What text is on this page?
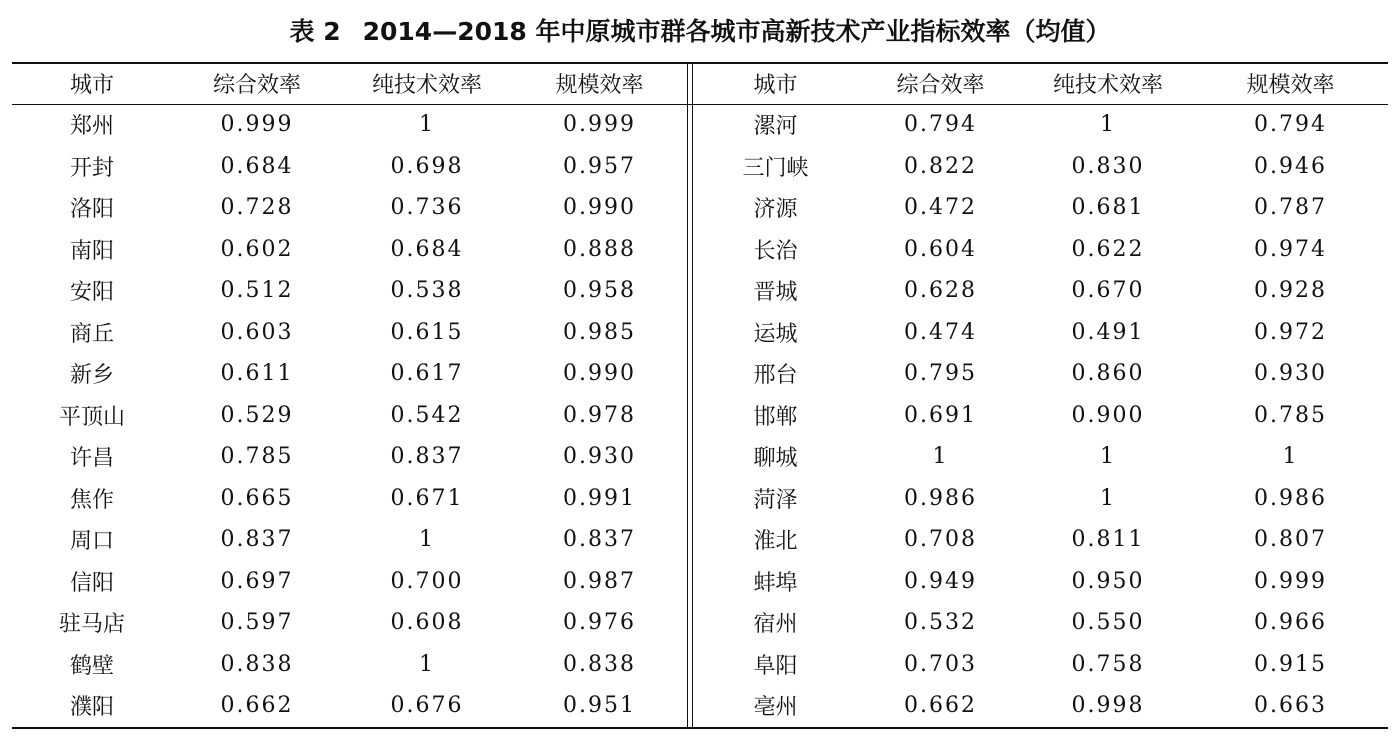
表 2 2014—2018 年中原城市群各城市高新技术产业指标效率（均值）
城市	综合效率	纯技术效率	规模效率
郑州	0.999	1	0.999
开封	0.684	0.698	0.957
洛阳	0.728	0.736	0.990
南阳	0.602	0.684	0.888
安阳	0.512	0.538	0.958
商丘	0.603	0.615	0.985
新乡	0.611	0.617	0.990
平顶山	0.529	0.542	0.978
许昌	0.785	0.837	0.930
焦作	0.665	0.671	0.991
周口	0.837	1	0.837
信阳	0.697	0.700	0.987
驻马店	0.597	0.608	0.976
鹤壁	0.838	1	0.838
濮阳	0.662	0.676	0.951
城市	综合效率	纯技术效率	规模效率
漯河	0.794	1	0.794
三门峡	0.822	0.830	0.946
济源	0.472	0.681	0.787
长治	0.604	0.622	0.974
晋城	0.628	0.670	0.928
运城	0.474	0.491	0.972
邢台	0.795	0.860	0.930
邯郸	0.691	0.900	0.785
聊城	1	1	1
菏泽	0.986	1	0.986
淮北	0.708	0.811	0.807
蚌埠	0.949	0.950	0.999
宿州	0.532	0.550	0.966
阜阳	0.703	0.758	0.915
亳州	0.662	0.998	0.663
